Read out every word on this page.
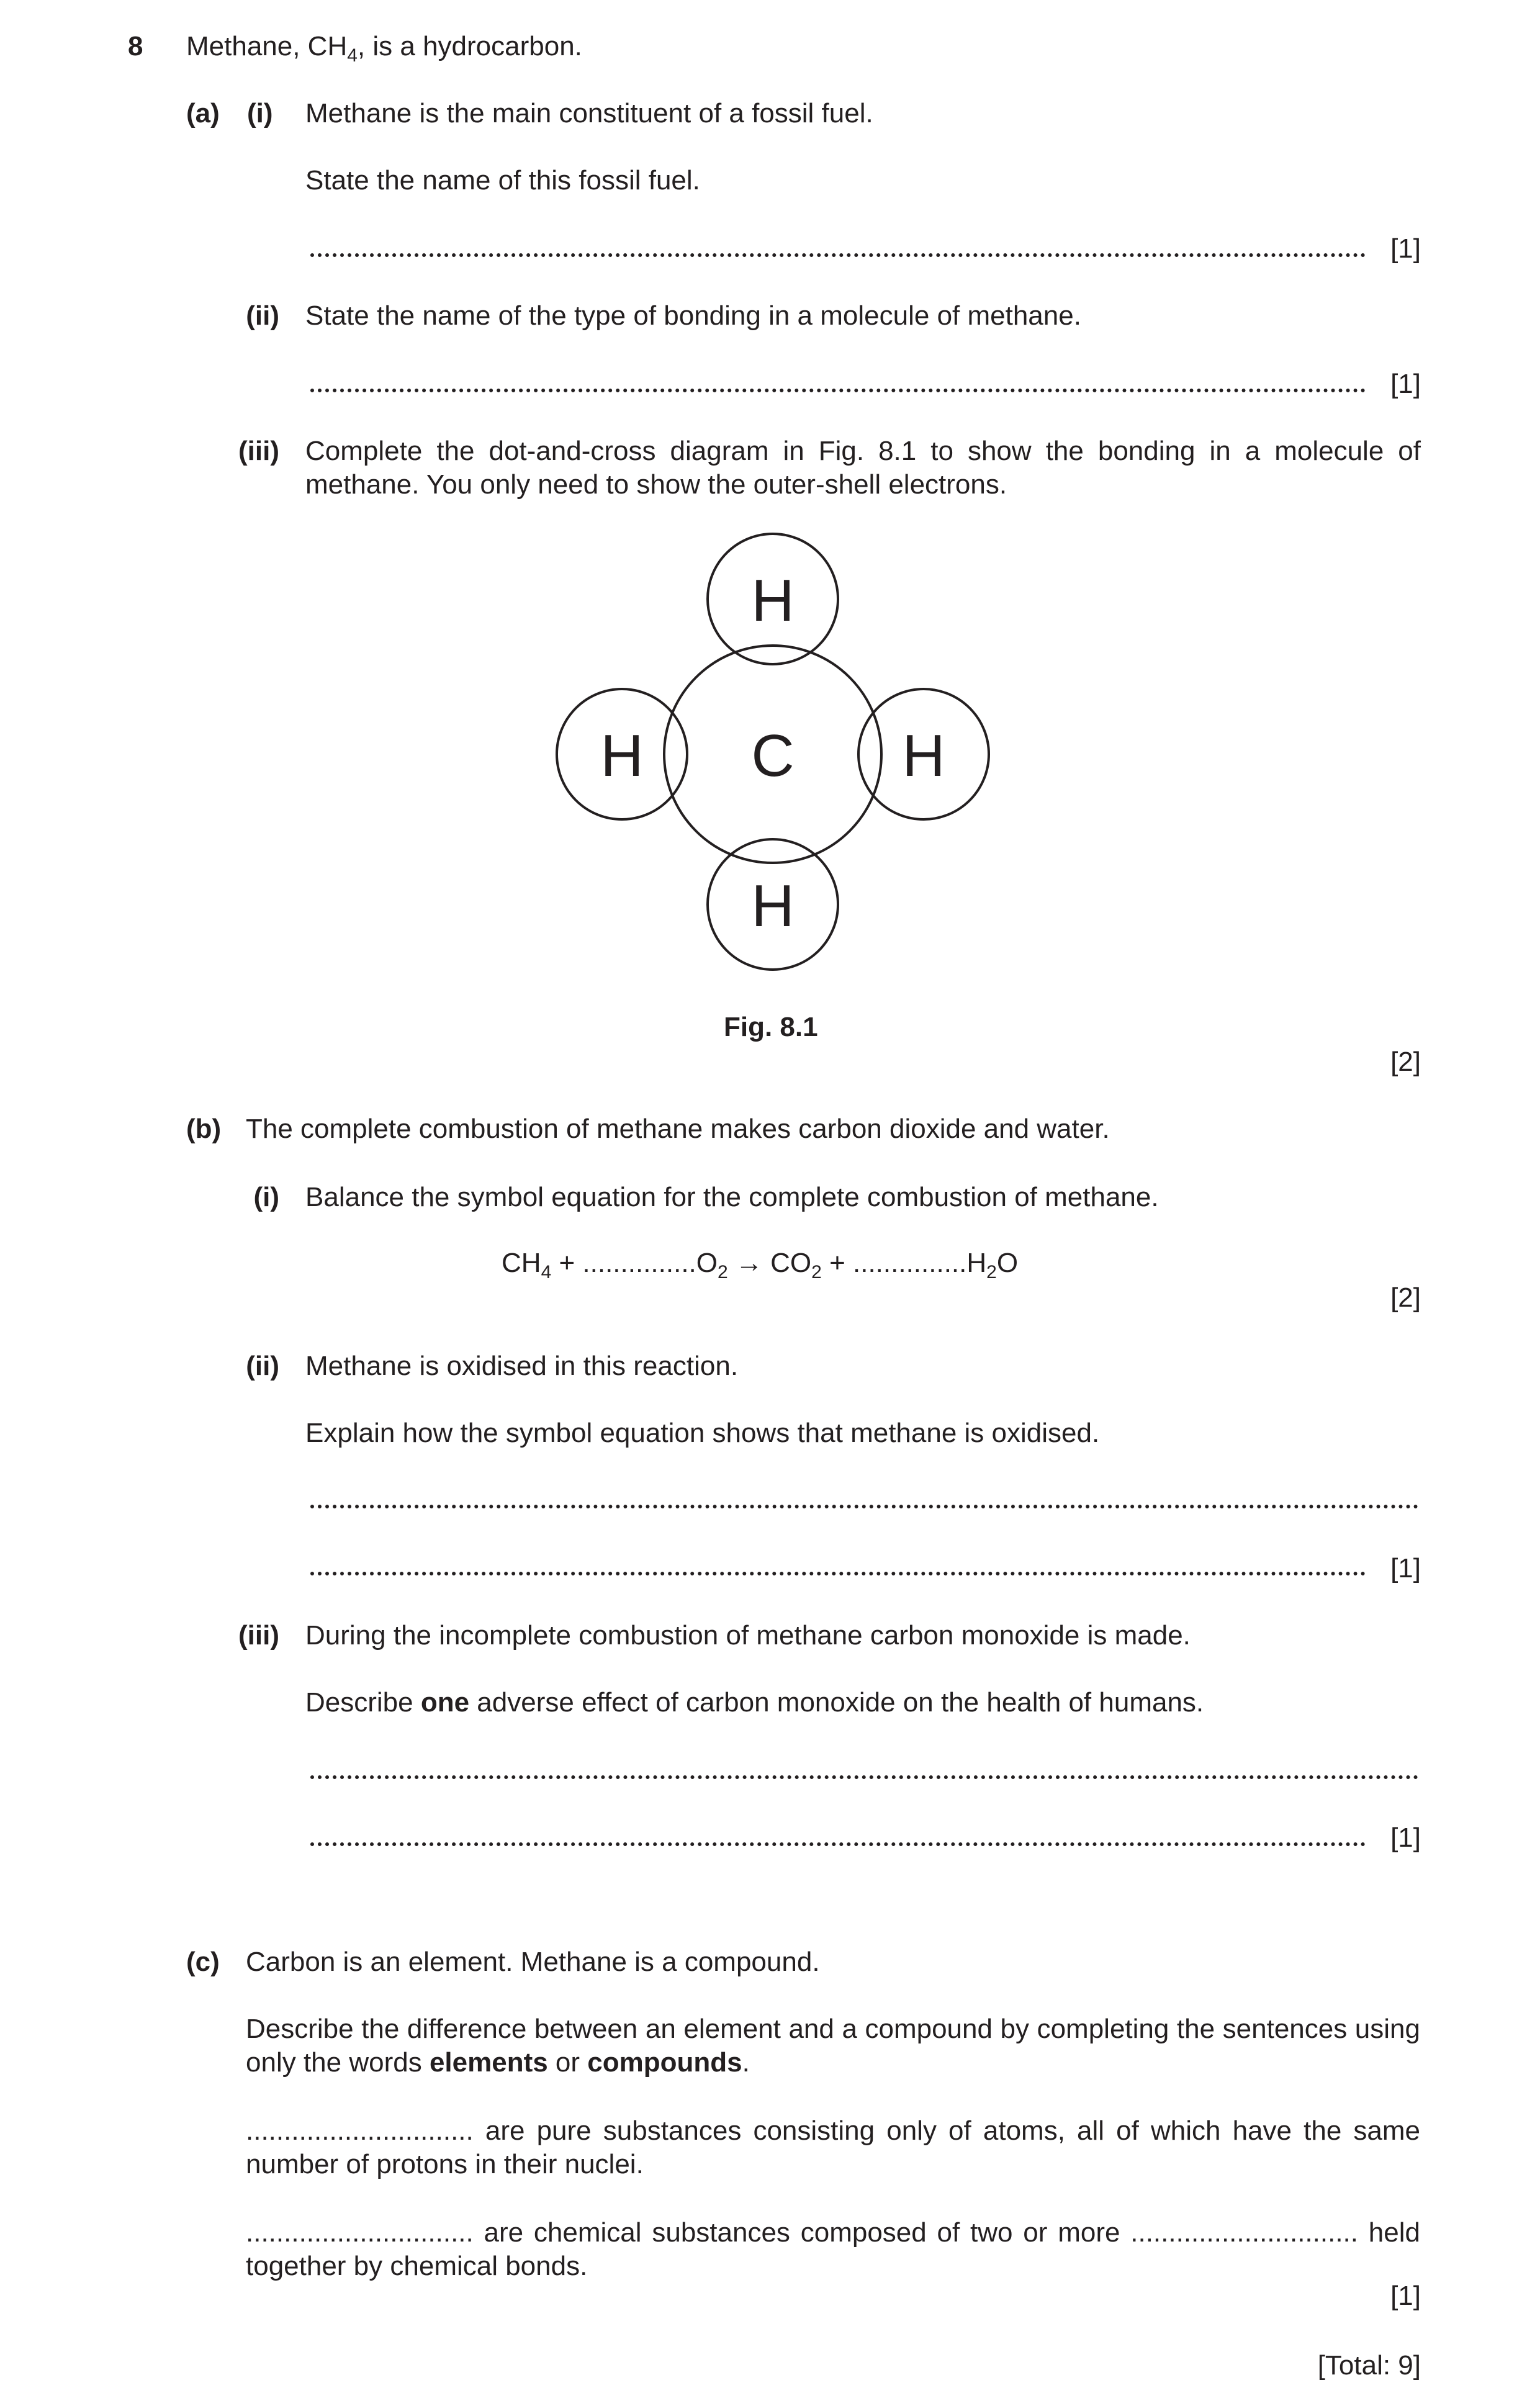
8 Methane, $CH_4$, is a hydrocarbon.
(a) (i) Methane is the main constituent of a fossil fuel.
State the name of this fossil fuel.
[1]
(ii) State the name of the type of bonding in a molecule of methane.
[1]
(iii) Complete the dot-and-cross diagram in Fig. 8.1 to show the bonding in a molecule of methane. You only need to show the outer-shell electrons.
H
H C H
H
Fig. 8.1
[2]
(b) The complete combustion of methane makes carbon dioxide and water.
(i) Balance the symbol equation for the complete combustion of methane.
$CH_4 + ...............O_2 \to CO_2 + ...............H_2O$
[2]
(ii) Methane is oxidised in this reaction.
Explain how the symbol equation shows that methane is oxidised.
[1]
(iii) During the incomplete combustion of methane carbon monoxide is made.
Describe one adverse effect of carbon monoxide on the health of humans.
[1]
(c) Carbon is an element. Methane is a compound.
Describe the difference between an element and a compound by completing the sentences using only the words elements or compounds.
.............................. are pure substances consisting only of atoms, all of which have the same number of protons in their nuclei.
.............................. are chemical substances composed of two or more .............................. held together by chemical bonds.
[1]
[Total: 9]
